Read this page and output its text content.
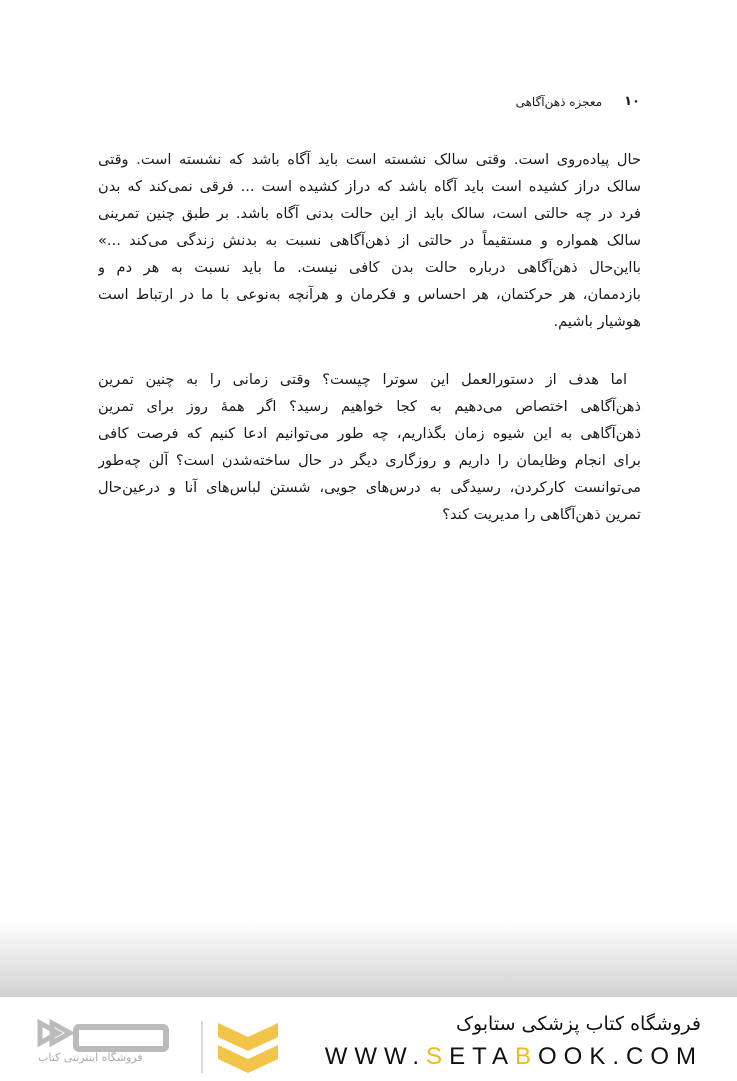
۱۰
معجزه ذهن‌آگاهی
حال پیاده‌روی است. وقتی سالک نشسته است باید آگاه باشد که نشسته است. وقتی
سالک دراز کشیده است باید آگاه باشد که دراز کشیده است ... فرقی نمی‌کند که بدن
فرد در چه حالتی است، سالک باید از این حالت بدنی آگاه باشد. بر طبق چنین تمرینی
سالک همواره و مستقیماً در حالتی از ذهن‌آگاهی نسبت به بدنش زندگی می‌کند ...»
بااین‌حال ذهن‌آگاهی درباره حالت بدن کافی نیست. ما باید نسبت به هر دم و
بازدممان، هر حرکتمان، هر احساس و فکرمان و هرآنچه به‌نوعی با ما در ارتباط است
هوشیار باشیم.
اما هدف از دستورالعمل این سوترا چیست؟ وقتی زمانی را به چنین تمرین
ذهن‌آگاهی اختصاص می‌دهیم به کجا خواهیم رسید؟ اگر همهٔ روز برای تمرین
ذهن‌آگاهی به این شیوه زمان بگذاریم، چه طور می‌توانیم ادعا کنیم که فرصت کافی
برای انجام وظایمان را داریم و روزگاری دیگر در حال ساخته‌شدن است؟ آلن چه‌طور
می‌توانست کارکردن، رسیدگی به درس‌های جویی، شستن لباس‌های آنا و درعین‌حال
تمرین ذهن‌آگاهی را مدیریت کند؟
فروشگاه اینترنتی کتاب
فروشگاه کتاب پزشکی ستابوک
WWW.SETABOOK.COM
